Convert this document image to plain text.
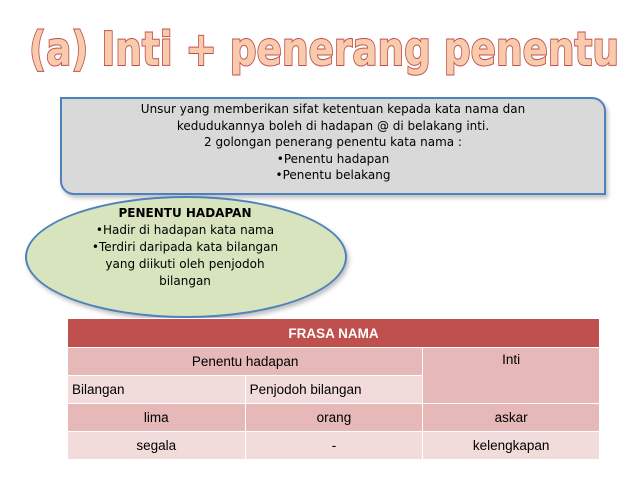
(a) Inti + penerang penentu
Unsur yang memberikan sifat ketentuan kepada kata nama dan
kedudukannya boleh di hadapan @ di belakang inti.
2 golongan penerang penentu kata nama :
•Penentu hadapan
•Penentu belakang
PENENTU HADAPAN
•Hadir di hadapan kata nama
•Terdiri daripada kata bilangan
yang diikuti oleh penjodoh
bilangan
FRASA NAMA		
Penentu hadapan		Inti
Bilangan	Penjodoh bilangan	
lima	orang	askar
segala	-	kelengkapan
